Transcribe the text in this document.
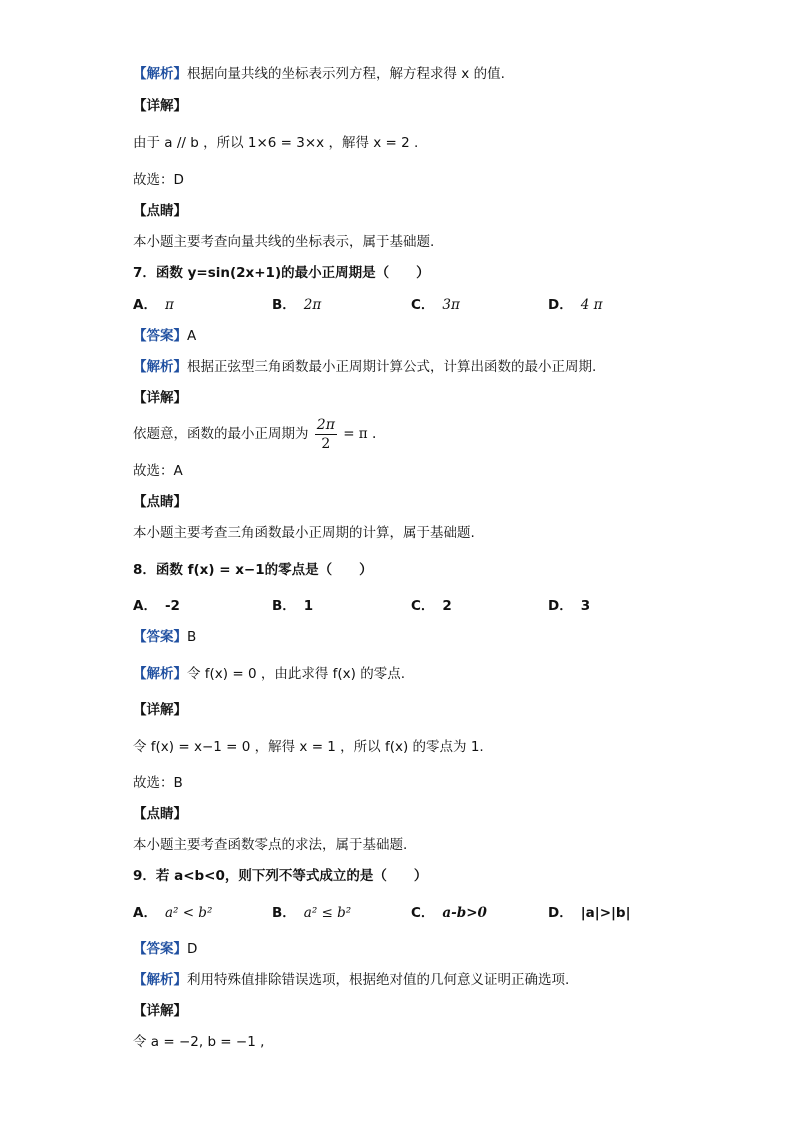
【解析】根据向量共线的坐标表示列方程，解方程求得 x 的值.
【详解】
由于 a // b ，所以 1×6 = 3×x ，解得 x = 2 .
故选：D
【点睛】
本小题主要考查向量共线的坐标表示，属于基础题.
7．函数 y=sin(2x+1)的最小正周期是（　　）
A． π	B． 2π	C． 3π	D． 4 π
【答案】A
【解析】根据正弦型三角函数最小正周期计算公式，计算出函数的最小正周期.
【详解】
依题意，函数的最小正周期为 $\frac{2\pi}{2} = \pi$ .
故选：A
【点睛】
本小题主要考查三角函数最小正周期的计算，属于基础题.
8．函数 f(x) = x−1的零点是（　　）
A． -2	B． 1	C． 2	D． 3
【答案】B
【解析】令 f(x) = 0 ，由此求得 f(x) 的零点.
【详解】
令 f(x) = x−1 = 0 ，解得 x = 1 ，所以 f(x) 的零点为 1.
故选：B
【点睛】
本小题主要考查函数零点的求法，属于基础题.
9．若 a<b<0，则下列不等式成立的是（　　）
A． a² < b²	B． a² ≤ b²	C． a-b>0	D． |a|>|b|
【答案】D
【解析】利用特殊值排除错误选项，根据绝对值的几何意义证明正确选项.
【详解】
令 a = −2, b = −1 ,
